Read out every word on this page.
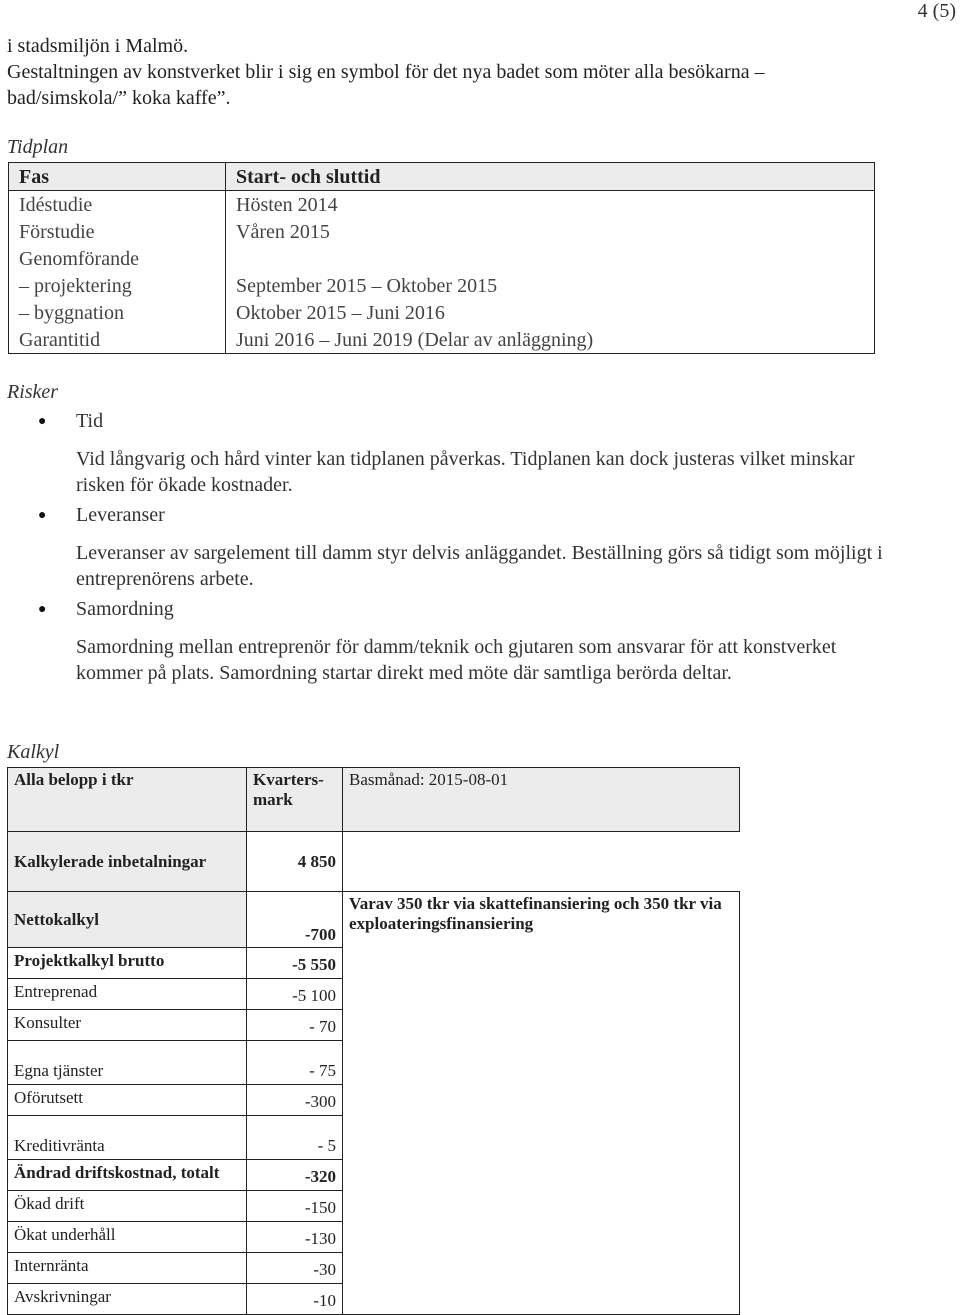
4 (5)
i stadsmiljön i Malmö.
Gestaltningen av konstverket blir i sig en symbol för det nya badet som möter alla besökarna –
bad/simskola/” koka kaffe”.
Tidplan
Fas	Start- och sluttid
Idéstudie	Hösten 2014
Förstudie	Våren 2015
Genomförande	
– projektering	September 2015 – Oktober 2015
– byggnation	Oktober 2015 – Juni 2016
Garantitid	Juni 2016 – Juni 2019 (Delar av anläggning)
Risker
● Tid
Vid långvarig och hård vinter kan tidplanen påverkas. Tidplanen kan dock justeras vilket minskar risken för ökade kostnader.
● Leveranser
Leveranser av sargelement till damm styr delvis anläggandet. Beställning görs så tidigt som möjligt i entreprenörens arbete.
● Samordning
Samordning mellan entreprenör för damm/teknik och gjutaren som ansvarar för att konstverket kommer på plats. Samordning startar direkt med möte där samtliga berörda deltar.
Kalkyl
Alla belopp i tkr	Kvarters-mark	Basmånad: 2015-08-01
Kalkylerade inbetalningar	4 850	
Nettokalkyl	-700	Varav 350 tkr via skattefinansiering och 350 tkr via exploateringsfinansiering
Projektkalkyl brutto	-5 550	
Entreprenad	-5 100	
Konsulter	- 70	
Egna tjänster	- 75	
Oförutsett	-300	
Kreditivränta	- 5	
Ändrad driftskostnad, totalt	-320	
Ökad drift	-150	
Ökat underhåll	-130	
Internränta	-30	
Avskrivningar	-10	
